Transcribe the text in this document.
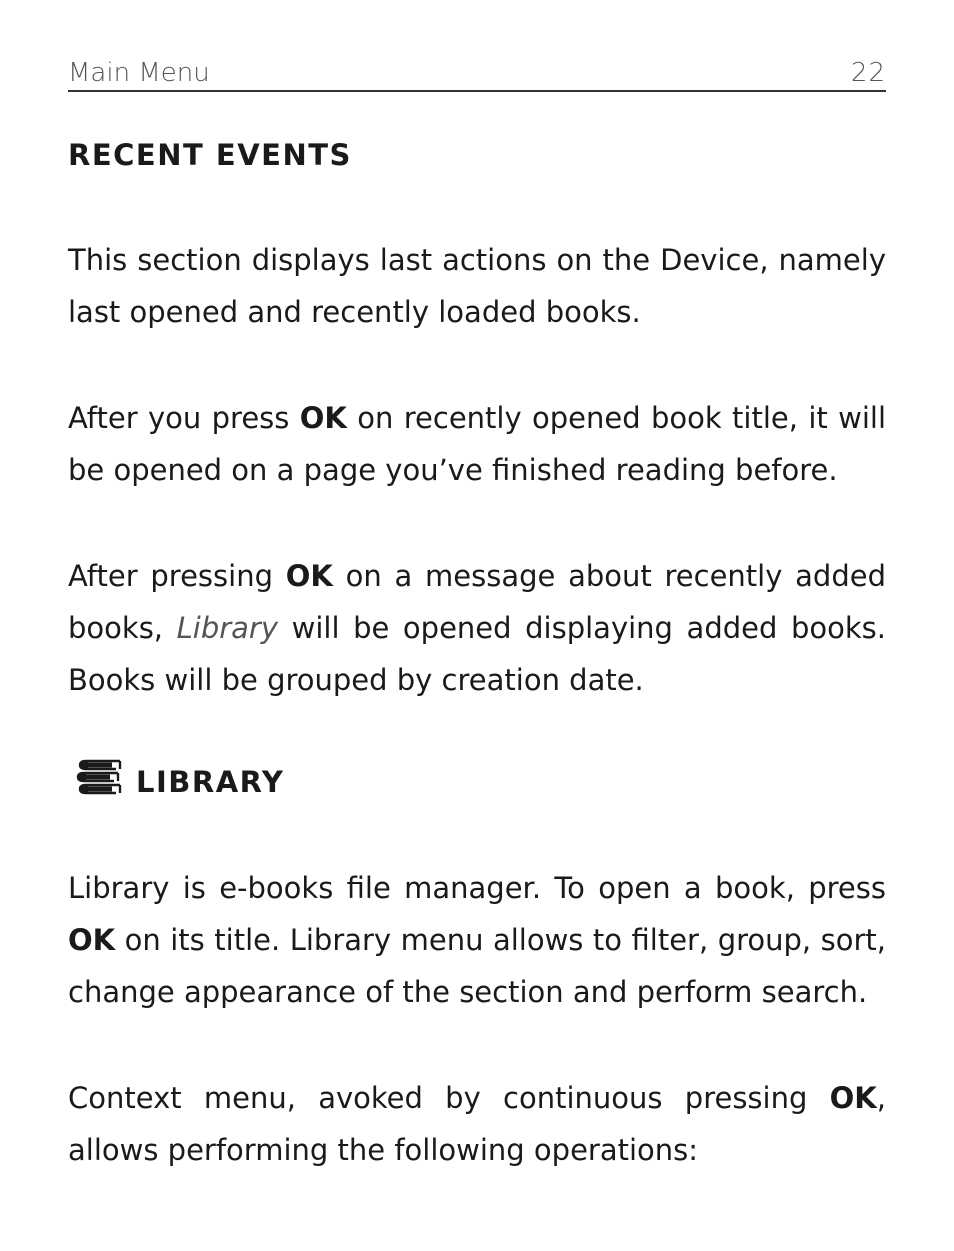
Main Menu	22
RECENT EVENTS

This section displays last actions on the Device, namely last opened and recently loaded books.

After you press OK on recently opened book title, it will be opened on a page you’ve finished reading before.

After pressing OK on a message about recently added books, Library will be opened displaying added books. Books will be grouped by creation date.

LIBRARY

Library is e-books file manager. To open a book, press OK on its title. Library menu allows to filter, group, sort, change appearance of the section and perform search.

Context menu, avoked by continuous pressing OK, allows performing the following operations:
